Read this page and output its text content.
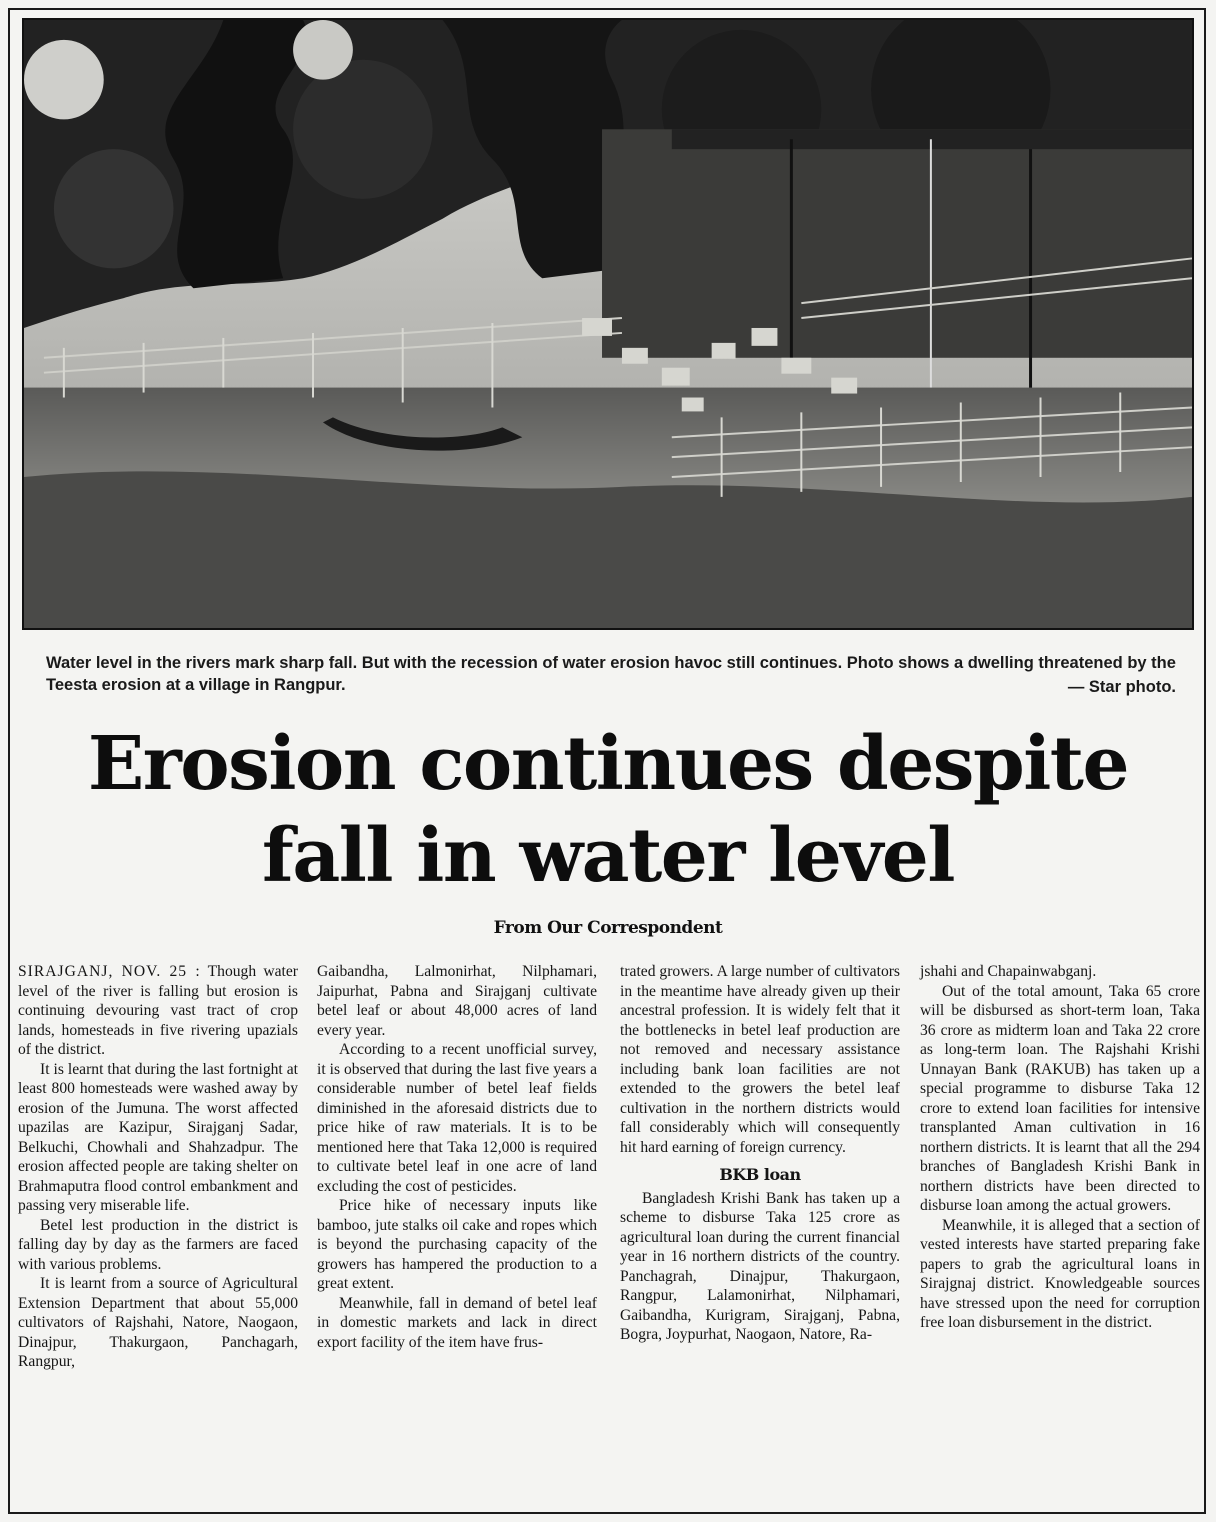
Water level in the rivers mark sharp fall. But with the recession of water erosion havoc still continues. Photo shows a dwelling threatened by the Teesta erosion at a village in Rangpur.	— Star photo.
Erosion continues despite
fall in water level
From Our Correspondent

SIRAJGANJ, NOV. 25 : Though water level of the river is falling but erosion is continuing devouring vast tract of crop lands, homesteads in five rivering upazials of the district.

It is learnt that during the last fortnight at least 800 homesteads were washed away by erosion of the Jumuna. The worst affected upazilas are Kazipur, Sirajganj Sadar, Belkuchi, Chowhali and Shahzadpur. The erosion affected people are taking shelter on Brahmaputra flood control embankment and passing very miserable life.

Betel lest production in the district is falling day by day as the farmers are faced with various problems.

It is learnt from a source of Agricultural Extension Department that about 55,000 cultivators of Rajshahi, Natore, Naogaon, Dinajpur, Thakurgaon, Panchagarh, Rangpur,

Gaibandha, Lalmonirhat, Nilphamari, Jaipurhat, Pabna and Sirajganj cultivate betel leaf or about 48,000 acres of land every year.

According to a recent unofficial survey, it is observed that during the last five years a considerable number of betel leaf fields diminished in the aforesaid districts due to price hike of raw materials. It is to be mentioned here that Taka 12,000 is required to cultivate betel leaf in one acre of land excluding the cost of pesticides.

Price hike of necessary inputs like bamboo, jute stalks oil cake and ropes which is beyond the purchasing capacity of the growers has hampered the production to a great extent.

Meanwhile, fall in demand of betel leaf in domestic markets and lack in direct export facility of the item have frus-

trated growers. A large number of cultivators in the meantime have already given up their ancestral profession. It is widely felt that it the bottlenecks in betel leaf production are not removed and necessary assistance including bank loan facilities are not extended to the growers the betel leaf cultivation in the northern districts would fall considerably which will consequently hit hard earning of foreign currency.

BKB loan

Bangladesh Krishi Bank has taken up a scheme to disburse Taka 125 crore as agricultural loan during the current financial year in 16 northern districts of the country. Panchagrah, Dinajpur, Thakurgaon, Rangpur, Lalamonirhat, Nilphamari, Gaibandha, Kurigram, Sirajganj, Pabna, Bogra, Joypurhat, Naogaon, Natore, Ra-

jshahi and Chapainwabganj.

Out of the total amount, Taka 65 crore will be disbursed as short-term loan, Taka 36 crore as midterm loan and Taka 22 crore as long-term loan. The Rajshahi Krishi Unnayan Bank (RAKUB) has taken up a special programme to disburse Taka 12 crore to extend loan facilities for intensive transplanted Aman cultivation in 16 northern districts. It is learnt that all the 294 branches of Bangladesh Krishi Bank in northern districts have been directed to disburse loan among the actual growers.

Meanwhile, it is alleged that a section of vested interests have started preparing fake papers to grab the agricultural loans in Sirajgnaj district. Knowledgeable sources have stressed upon the need for corruption free loan disbursement in the district.
